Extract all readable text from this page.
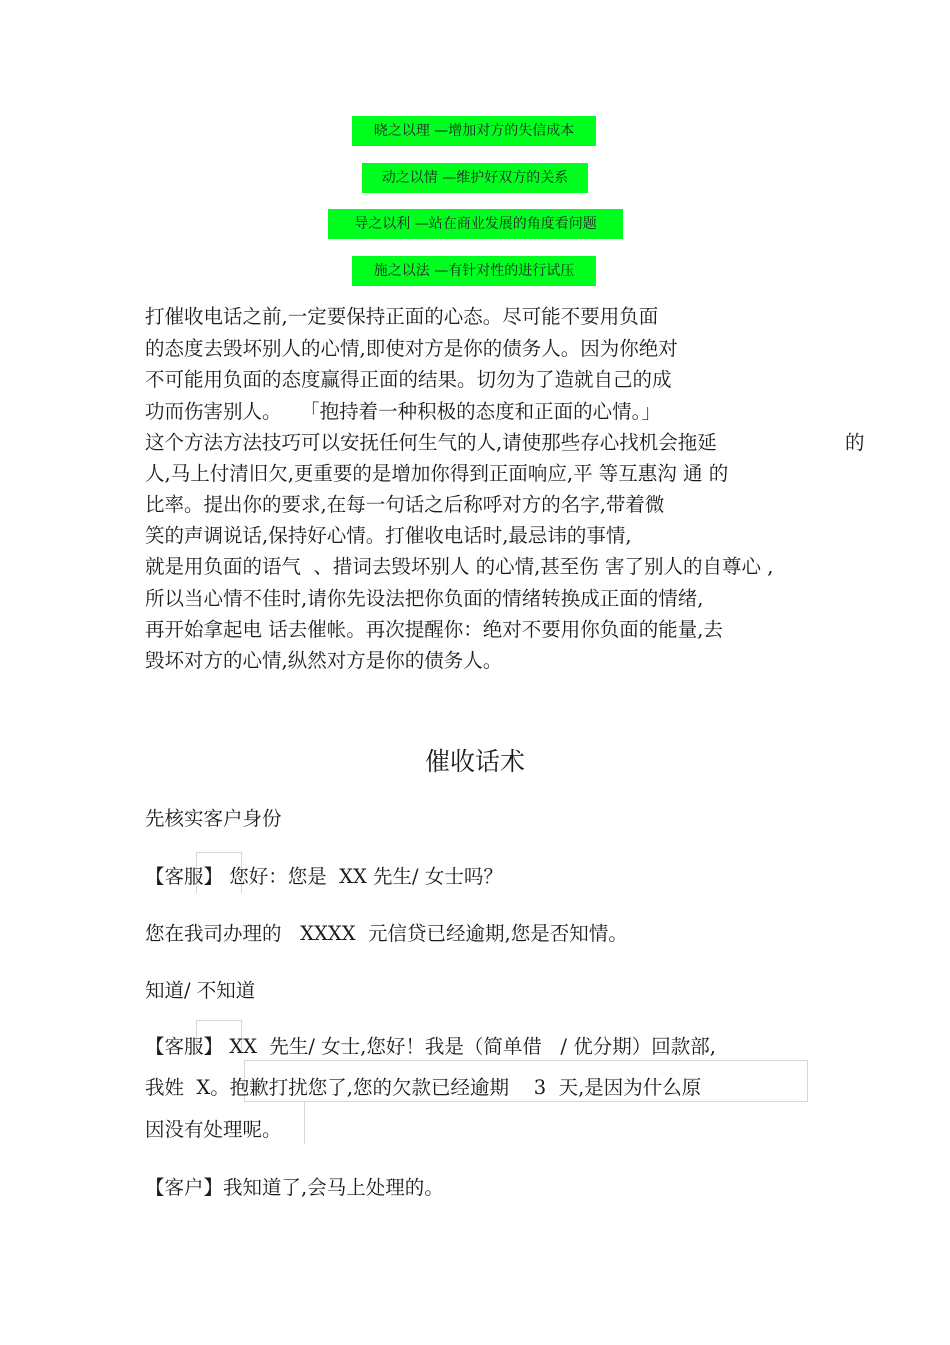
晓之以理 —增加对方的失信成本
动之以情 —维护好双方的关系
导之以利 —站在商业发展的角度看问题
施之以法 —有针对性的进行试压
打催收电话之前,一定要保持正面的心态。尽可能不要用负面
的态度去毁坏别人的心情,即使对方是你的债务人。因为你绝对
不可能用负面的态度赢得正面的结果。切勿为了造就自己的成
功而伤害别人。   「抱持着一种积极的态度和正面的心情。」
这个方法方法技巧可以安抚任何生气的人,请使那些存心找机会拖延	的
人,马上付清旧欠,更重要的是增加你得到正面响应,平 等互惠沟 通 的
比率。提出你的要求,在每一句话之后称呼对方的名字,带着微
笑的声调说话,保持好心情。打催收电话时,最忌讳的事情,
就是用负面的语气  、措词去毁坏别人 的心情,甚至伤 害了别人的自尊心 ,
所以当心情不佳时,请你先设法把你负面的情绪转换成正面的情绪,
再开始拿起电 话去催帐。再次提醒你：绝对不要用你负面的能量,去
毁坏对方的心情,纵然对方是你的债务人。
催收话术
先核实客户身份
【客服】 您好：您是  XX 先生/ 女士吗？
您在我司办理的   XXXX  元信贷已经逾期,您是否知情。
知道/ 不知道
【客服】 XX  先生/ 女士,您好！我是（简单借   / 优分期）回款部,
我姓  X。抱歉打扰您了,您的欠款已经逾期    3  天,是因为什么原
因没有处理呢。
【客户】我知道了,会马上处理的。
